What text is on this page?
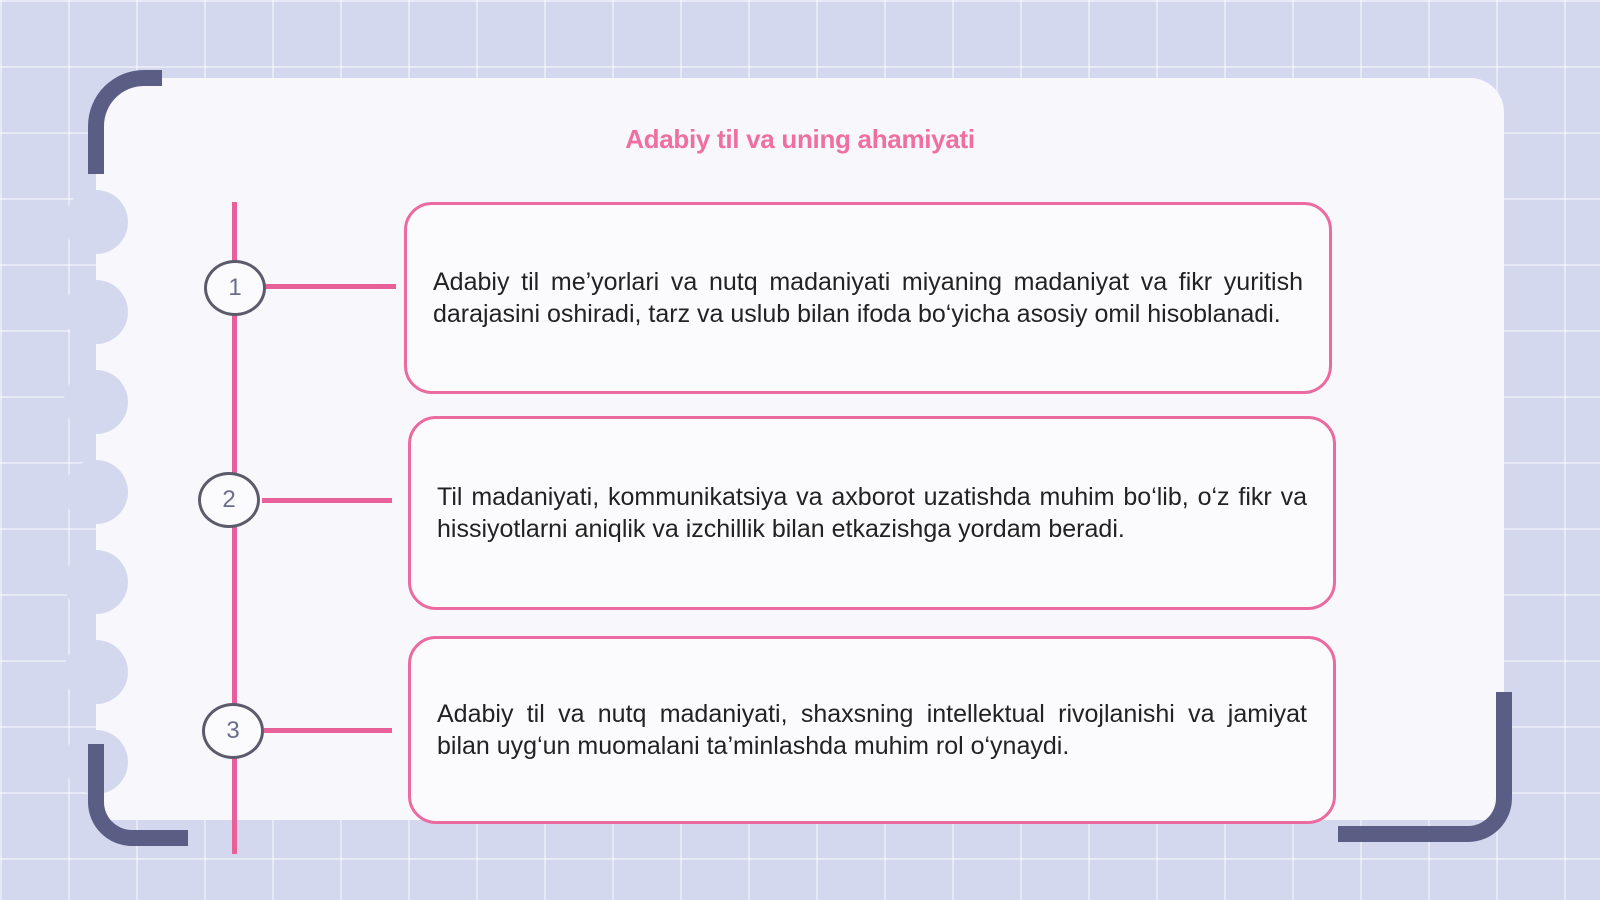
Adabiy til va uning ahamiyati
1	Adabiy til me’yorlari va nutq madaniyati miyaning madaniyat va fikr yuritish darajasini oshiradi, tarz va uslub bilan ifoda bo‘yicha asosiy omil hisoblanadi.
2	Til madaniyati, kommunikatsiya va axborot uzatishda muhim bo‘lib, o‘z fikr va hissiyotlarni aniqlik va izchillik bilan etkazishga yordam beradi.
3
Adabiy til va nutq madaniyati, shaxsning intellektual rivojlanishi va jamiyat bilan uyg‘un muomalani ta’minlashda muhim rol o‘ynaydi.
